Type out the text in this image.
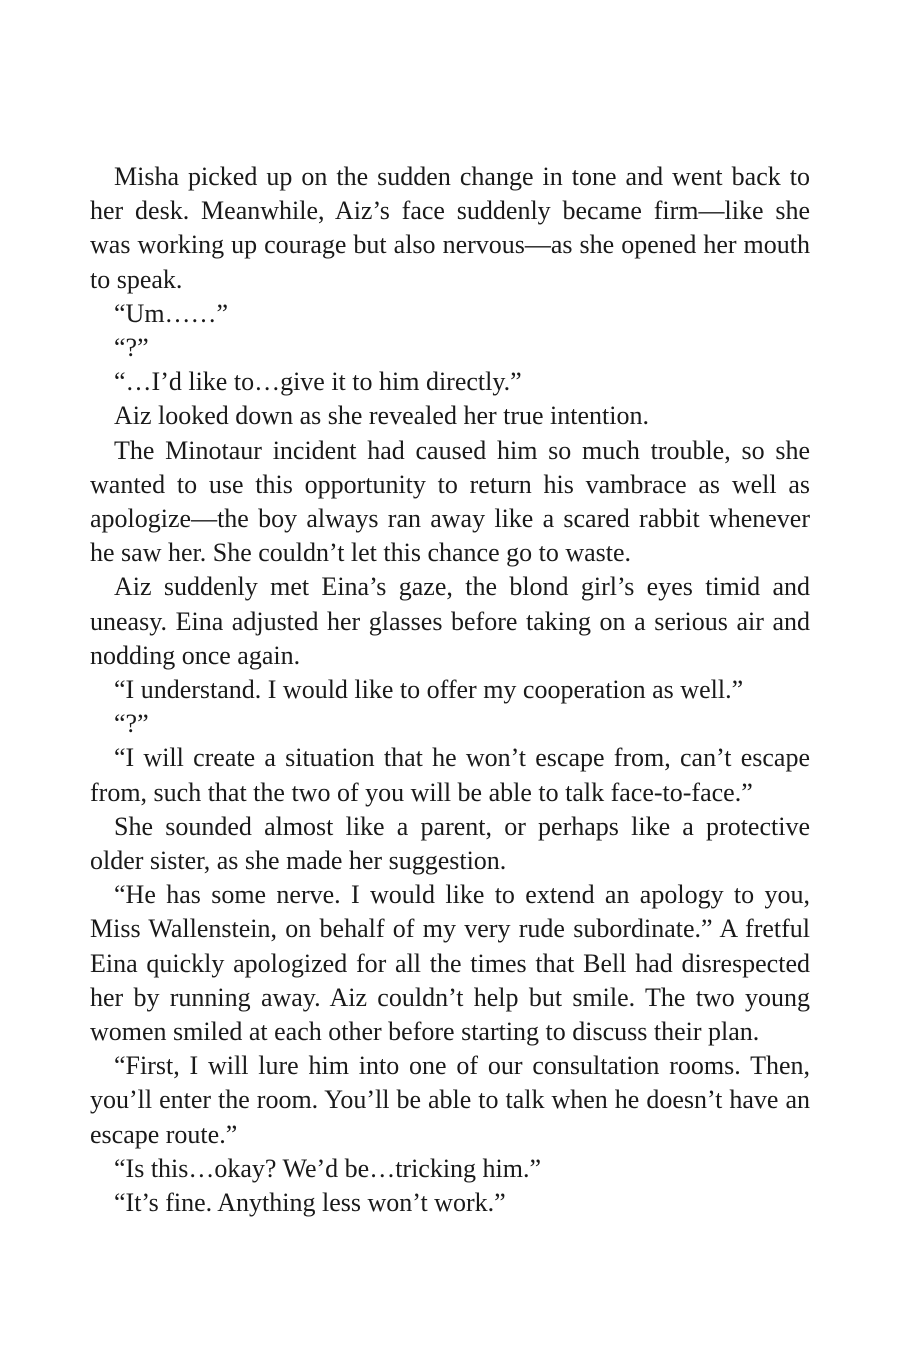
Misha picked up on the sudden change in tone and went back to her desk. Meanwhile, Aiz’s face suddenly became firm—like she was working up courage but also nervous—as she opened her mouth to speak.

“Um……”

“?”

“…I’d like to…give it to him directly.”

Aiz looked down as she revealed her true intention.

The Minotaur incident had caused him so much trouble, so she wanted to use this opportunity to return his vambrace as well as apologize—the boy always ran away like a scared rabbit whenever he saw her. She couldn’t let this chance go to waste.

Aiz suddenly met Eina’s gaze, the blond girl’s eyes timid and uneasy. Eina adjusted her glasses before taking on a serious air and nodding once again.

“I understand. I would like to offer my cooperation as well.”

“?”

“I will create a situation that he won’t escape from, can’t escape from, such that the two of you will be able to talk face-to-face.”

She sounded almost like a parent, or perhaps like a protective older sister, as she made her suggestion.

“He has some nerve. I would like to extend an apology to you, Miss Wallenstein, on behalf of my very rude subordinate.” A fretful Eina quickly apologized for all the times that Bell had disrespected her by running away. Aiz couldn’t help but smile. The two young women smiled at each other before starting to discuss their plan.

“First, I will lure him into one of our consultation rooms. Then, you’ll enter the room. You’ll be able to talk when he doesn’t have an escape route.”

“Is this…okay? We’d be…tricking him.”

“It’s fine. Anything less won’t work.”
